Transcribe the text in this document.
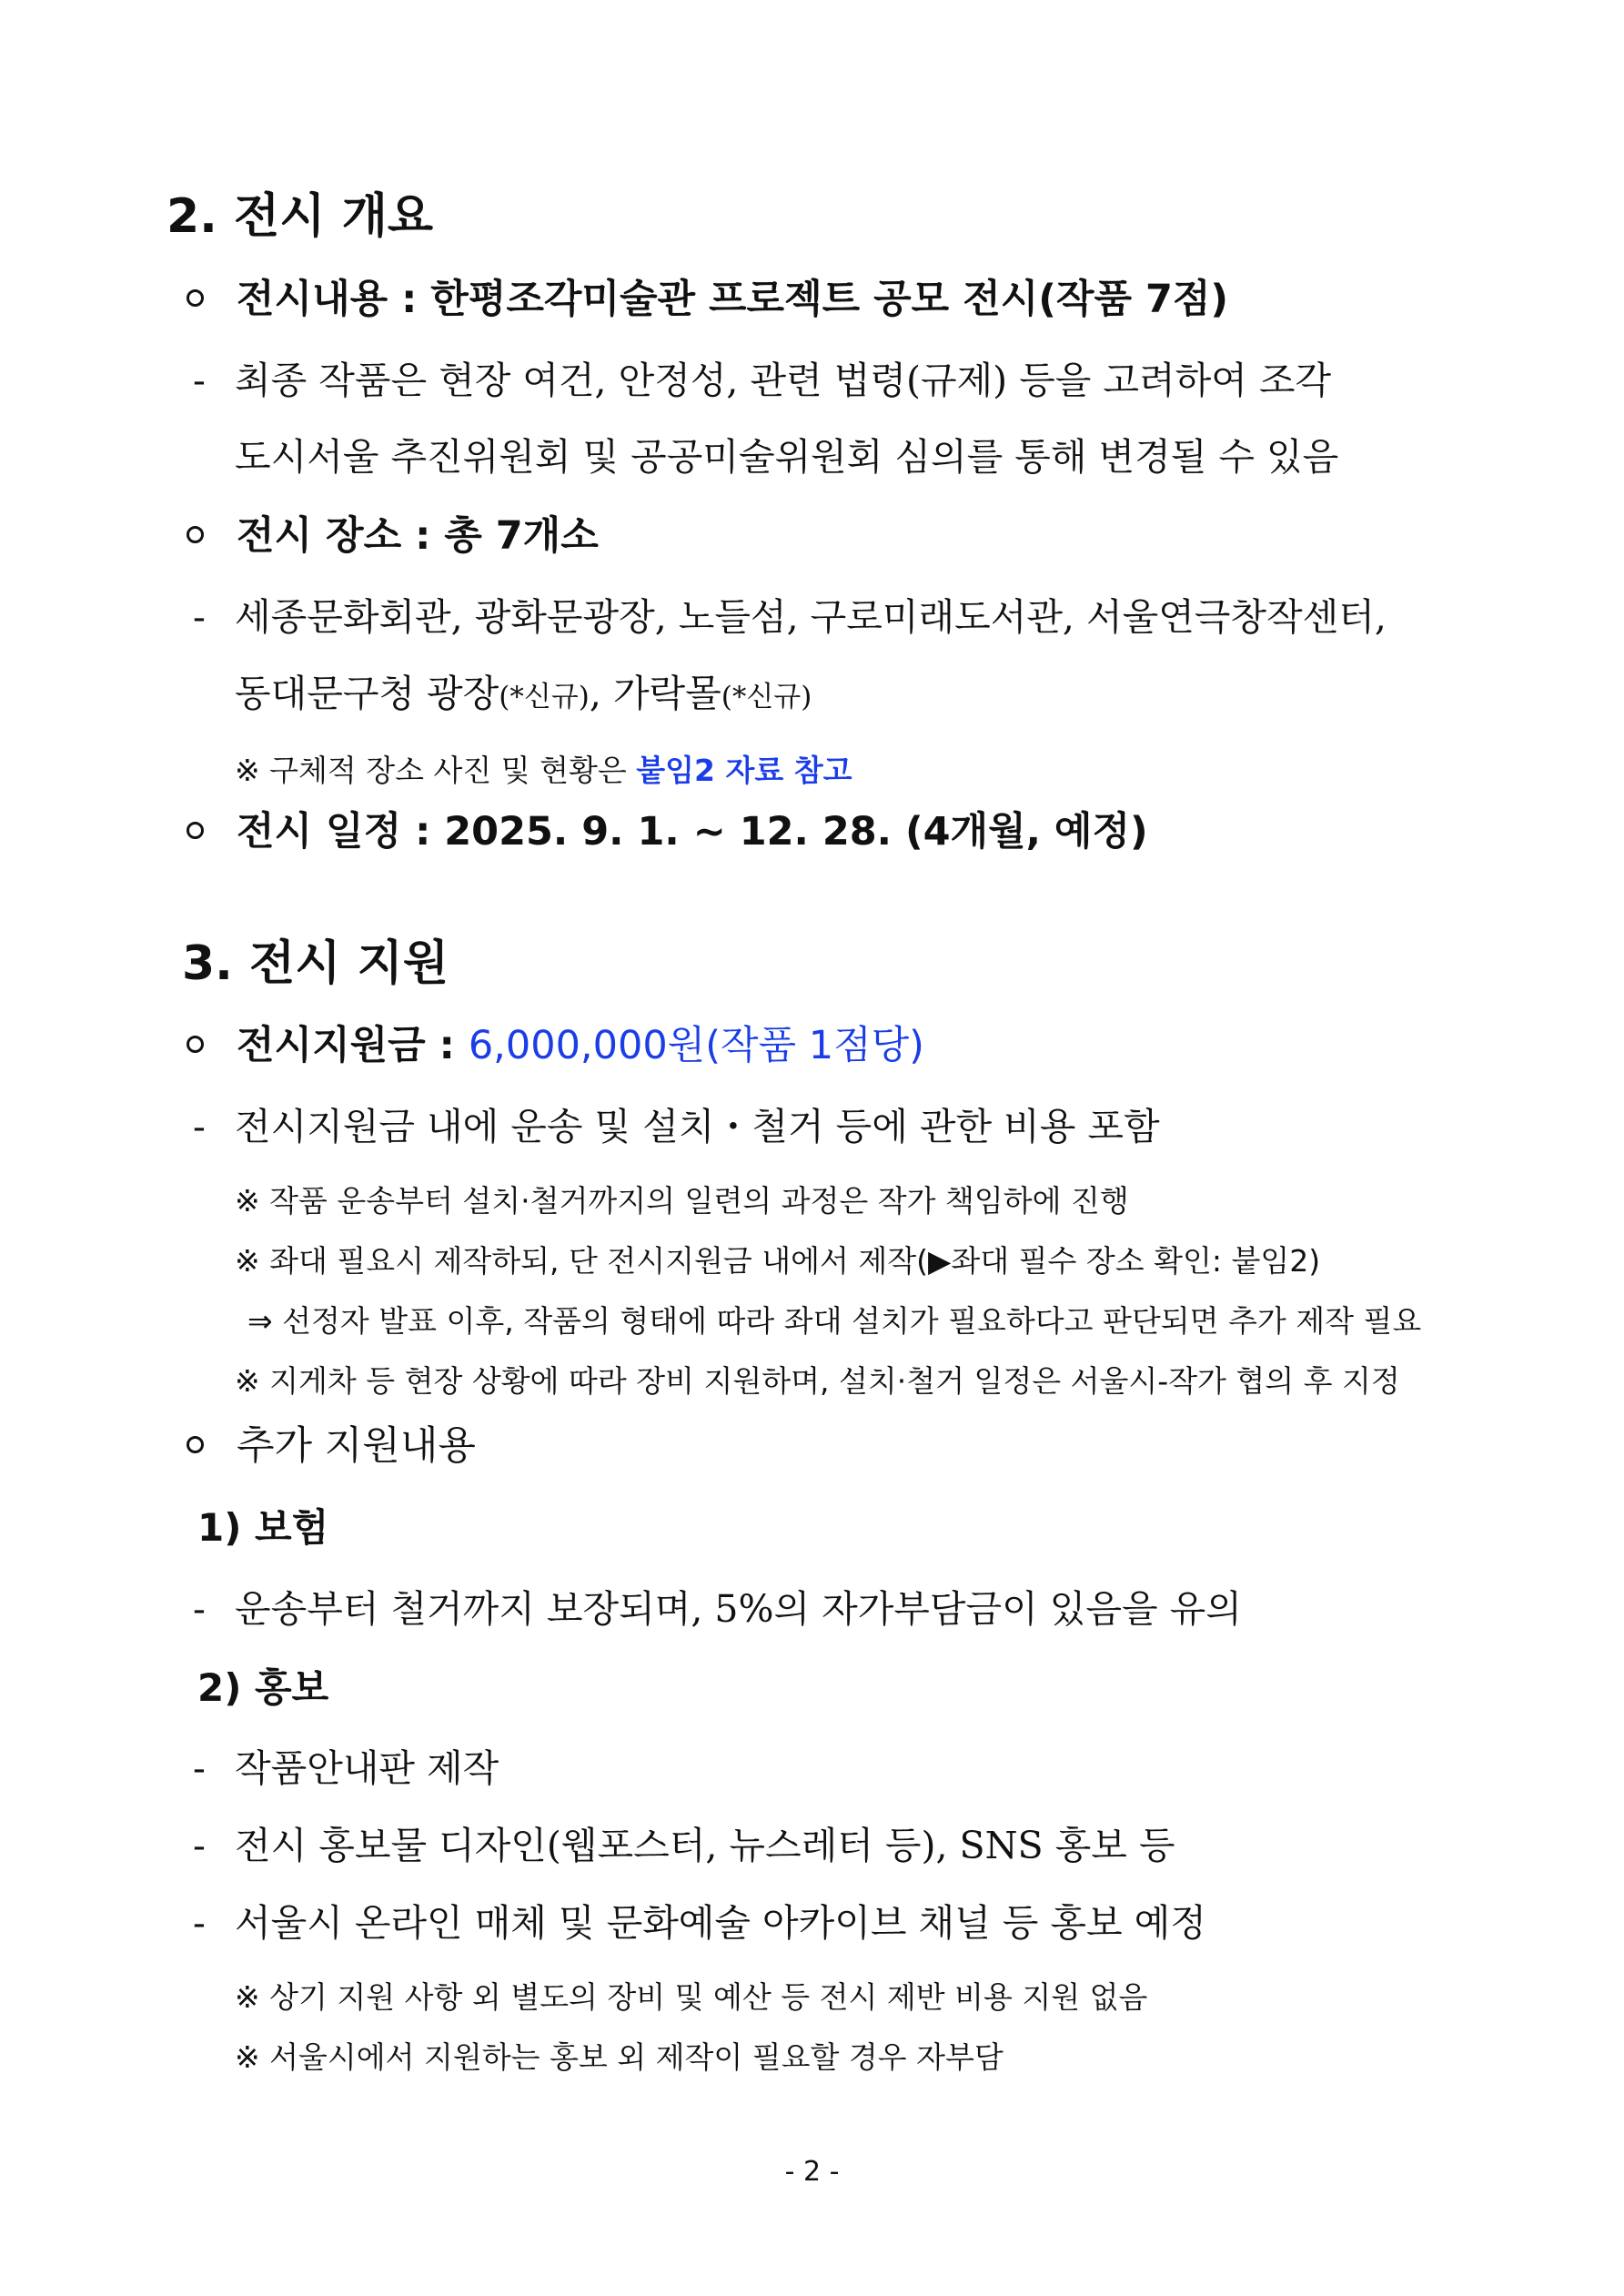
2. 전시 개요
전시내용 : 한평조각미술관 프로젝트 공모 전시(작품 7점)
- 최종 작품은 현장 여건, 안정성, 관련 법령(규제) 등을 고려하여 조각
도시서울 추진위원회 및 공공미술위원회 심의를 통해 변경될 수 있음
전시 장소 : 총 7개소
- 세종문화회관, 광화문광장, 노들섬, 구로미래도서관, 서울연극창작센터,
동대문구청 광장(*신규), 가락몰(*신규)
※ 구체적 장소 사진 및 현황은 붙임2 자료 참고
전시 일정 : 2025. 9. 1. ~ 12. 28. (4개월, 예정)
3. 전시 지원
전시지원금 : 6,000,000원(작품 1점당)
- 전시지원금 내에 운송 및 설치・철거 등에 관한 비용 포함
※ 작품 운송부터 설치·철거까지의 일련의 과정은 작가 책임하에 진행
※ 좌대 필요시 제작하되, 단 전시지원금 내에서 제작(▶좌대 필수 장소 확인: 붙임2)
⇒ 선정자 발표 이후, 작품의 형태에 따라 좌대 설치가 필요하다고 판단되면 추가 제작 필요
※ 지게차 등 현장 상황에 따라 장비 지원하며, 설치·철거 일정은 서울시-작가 협의 후 지정
추가 지원내용
1) 보험
- 운송부터 철거까지 보장되며, 5%의 자가부담금이 있음을 유의
2) 홍보
- 작품안내판 제작
- 전시 홍보물 디자인(웹포스터, 뉴스레터 등), SNS 홍보 등
- 서울시 온라인 매체 및 문화예술 아카이브 채널 등 홍보 예정
※ 상기 지원 사항 외 별도의 장비 및 예산 등 전시 제반 비용 지원 없음
※ 서울시에서 지원하는 홍보 외 제작이 필요할 경우 자부담
- 2 -
